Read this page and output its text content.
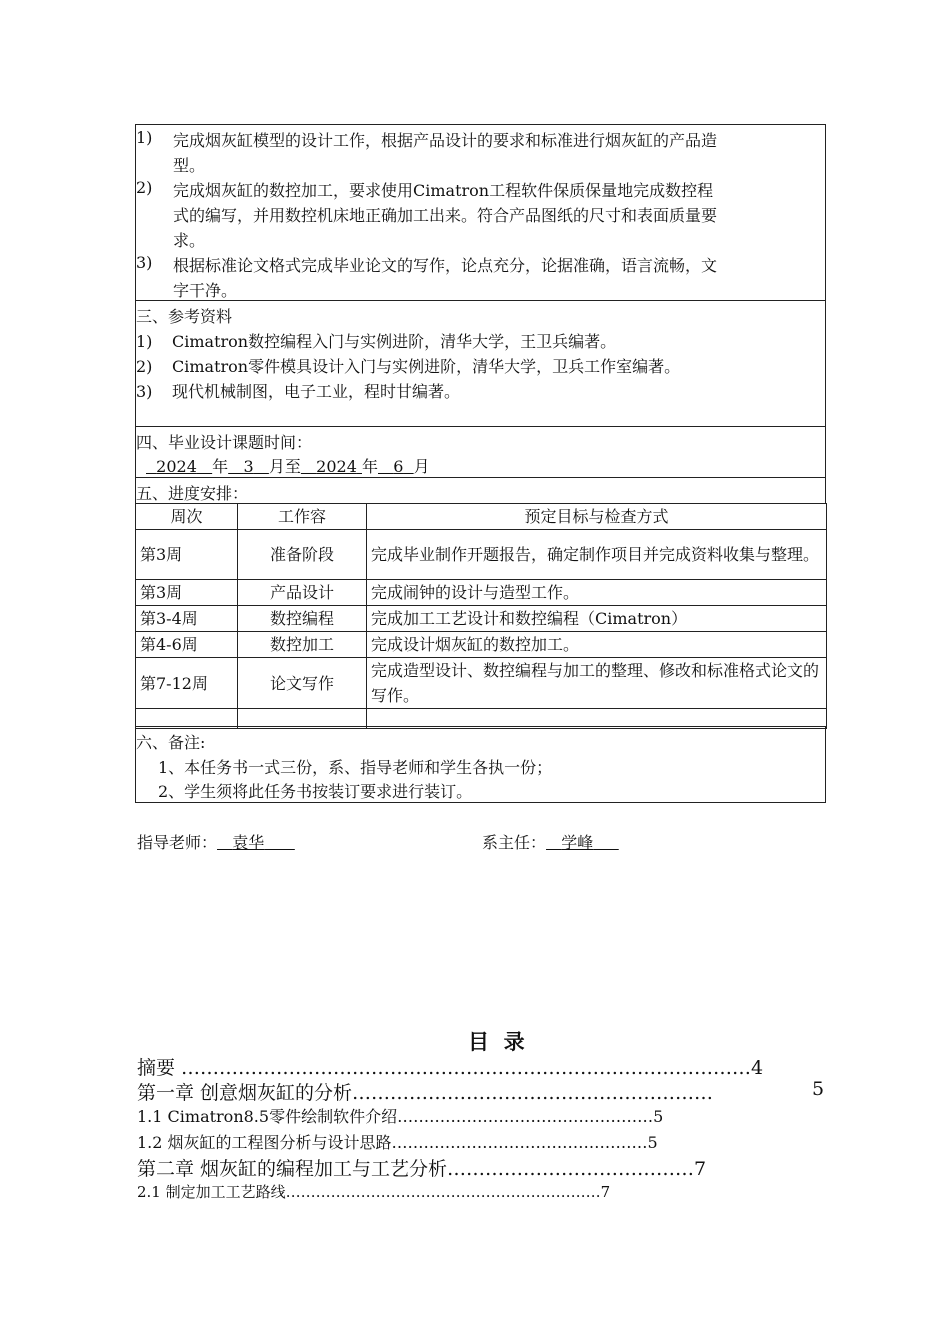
1)	完成烟灰缸模型的设计工作，根据产品设计的要求和标准进行烟灰缸的产品造
型。
2)	完成烟灰缸的数控加工，要求使用Cimatron工程软件保质保量地完成数控程
式的编写，并用数控机床地正确加工出来。符合产品图纸的尺寸和表面质量要
求。
3)	根据标准论文格式完成毕业论文的写作，论点充分，论据准确，语言流畅，文
字干净。
三、参考资料
1) Cimatron数控编程入门与实例进阶，清华大学，王卫兵编著。
2) Cimatron零件模具设计入门与实例进阶，清华大学，卫兵工作室编著。
3) 现代机械制图，电子工业，程时甘编著。
四、毕业设计课题时间：
2024 年 3 月至 2024 年 6 月
五、进度安排：
周次	工作容	预定目标与检查方式
第3周	准备阶段	完成毕业制作开题报告，确定制作项目并完成资料收集与整理。
第3周	产品设计	完成闹钟的设计与造型工作。
第3-4周	数控编程	完成加工工艺设计和数控编程（Cimatron）
第4-6周	数控加工	完成设计烟灰缸的数控加工。
第7-12周	论文写作	完成造型设计、数控编程与加工的整理、修改和标准格式论文的写作。

六、备注:
1、本任务书一式三份，系、指导老师和学生各执一份；
2、学生须将此任务书按装订要求进行装订。
指导老师： 袁华	系主任： 学峰
目  录
摘要 ………………………………………………………………………………4
第一章 创意烟灰缸的分析…………………………………………………	5
1.1 Cimatron8.5零件绘制软件介绍…………………………………………5
1.2 烟灰缸的工程图分析与设计思路…………………………………………5
第二章 烟灰缸的编程加工与工艺分析…………………………………7
2.1 制定加工工艺路线………………………………………………………7
